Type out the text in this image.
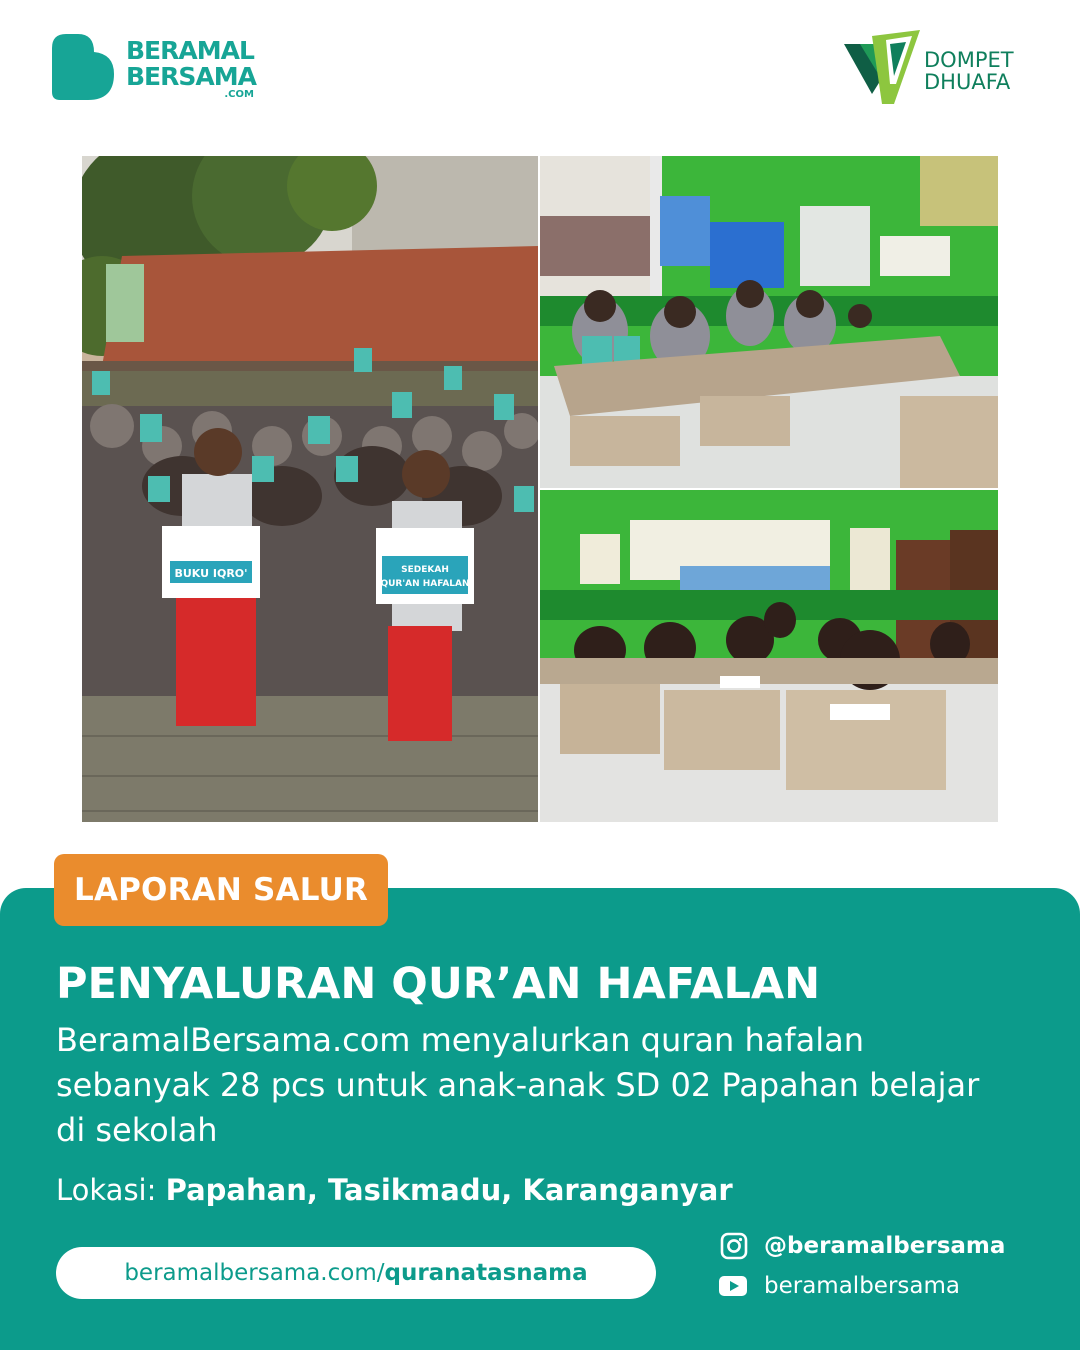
BERAMAL
BERSAMA
.COM
DOMPET
DHUAFA
BUKU IQRO'	SEDEKAH
QUR'AN HAFALAN
LAPORAN SALUR
PENYALURAN QUR’AN HAFALAN
BeramalBersama.com menyalurkan quran hafalan sebanyak 28 pcs untuk anak-anak SD 02 Papahan belajar di sekolah
Lokasi: Papahan, Tasikmadu, Karanganyar
beramalbersama.com/quranatasnama
@beramalbersama
beramalbersama
